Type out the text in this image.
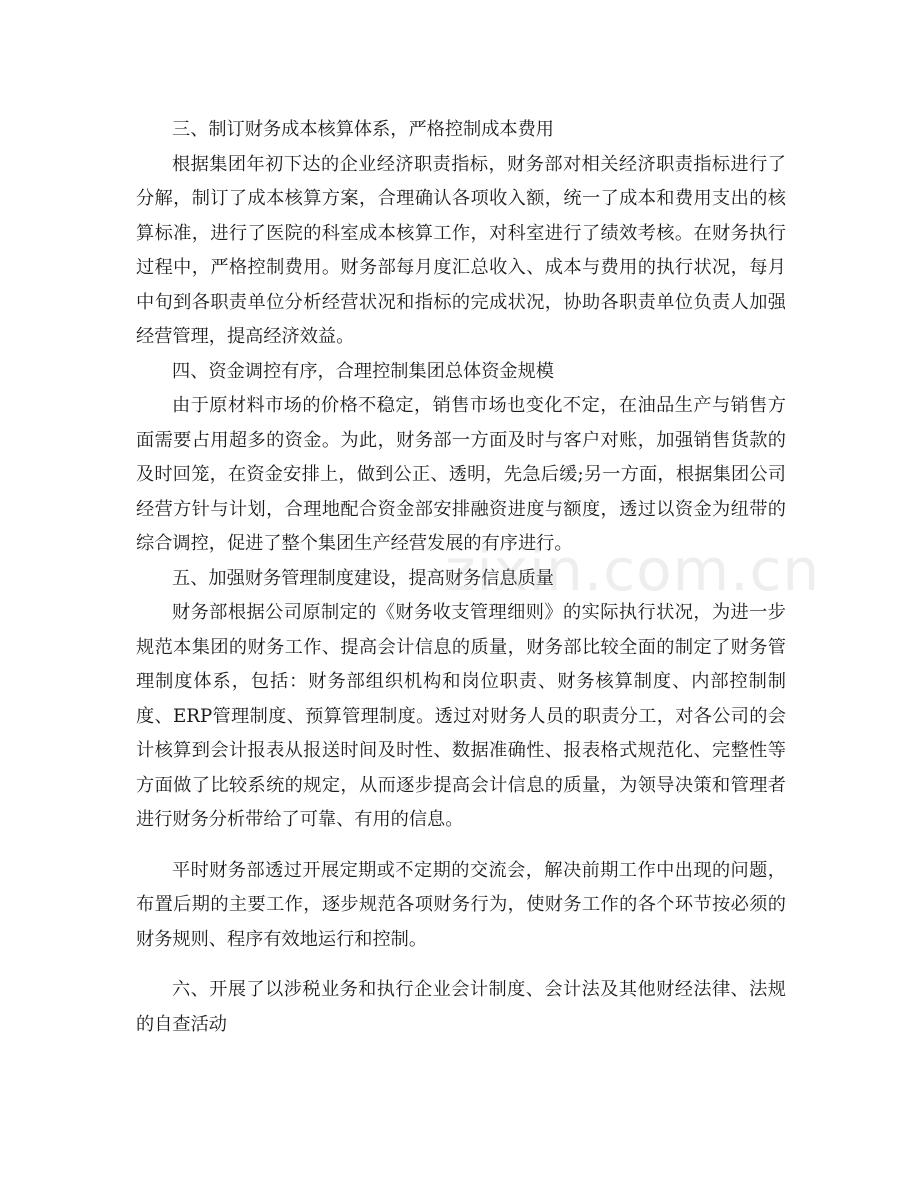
三、制订财务成本核算体系，严格控制成本费用

根据集团年初下达的企业经济职责指标，财务部对相关经济职责指标进行了分解，制订了成本核算方案，合理确认各项收入额，统一了成本和费用支出的核算标准，进行了医院的科室成本核算工作，对科室进行了绩效考核。在财务执行过程中，严格控制费用。财务部每月度汇总收入、成本与费用的执行状况，每月中旬到各职责单位分析经营状况和指标的完成状况，协助各职责单位负责人加强经营管理，提高经济效益。

四、资金调控有序，合理控制集团总体资金规模

由于原材料市场的价格不稳定，销售市场也变化不定，在油品生产与销售方面需要占用超多的资金。为此，财务部一方面及时与客户对账，加强销售货款的及时回笼，在资金安排上，做到公正、透明，先急后缓;另一方面，根据集团公司经营方针与计划，合理地配合资金部安排融资进度与额度，透过以资金为纽带的综合调控，促进了整个集团生产经营发展的有序进行。

五、加强财务管理制度建设，提高财务信息质量

财务部根据公司原制定的《财务收支管理细则》的实际执行状况，为进一步规范本集团的财务工作、提高会计信息的质量，财务部比较全面的制定了财务管理制度体系，包括：财务部组织机构和岗位职责、财务核算制度、内部控制制度、ERP管理制度、预算管理制度。透过对财务人员的职责分工，对各公司的会计核算到会计报表从报送时间及时性、数据准确性、报表格式规范化、完整性等方面做了比较系统的规定，从而逐步提高会计信息的质量，为领导决策和管理者进行财务分析带给了可靠、有用的信息。

平时财务部透过开展定期或不定期的交流会，解决前期工作中出现的问题，布置后期的主要工作，逐步规范各项财务行为，使财务工作的各个环节按必须的财务规则、程序有效地运行和控制。

六、开展了以涉税业务和执行企业会计制度、会计法及其他财经法律、法规的自查活动

zixin.com.cn
